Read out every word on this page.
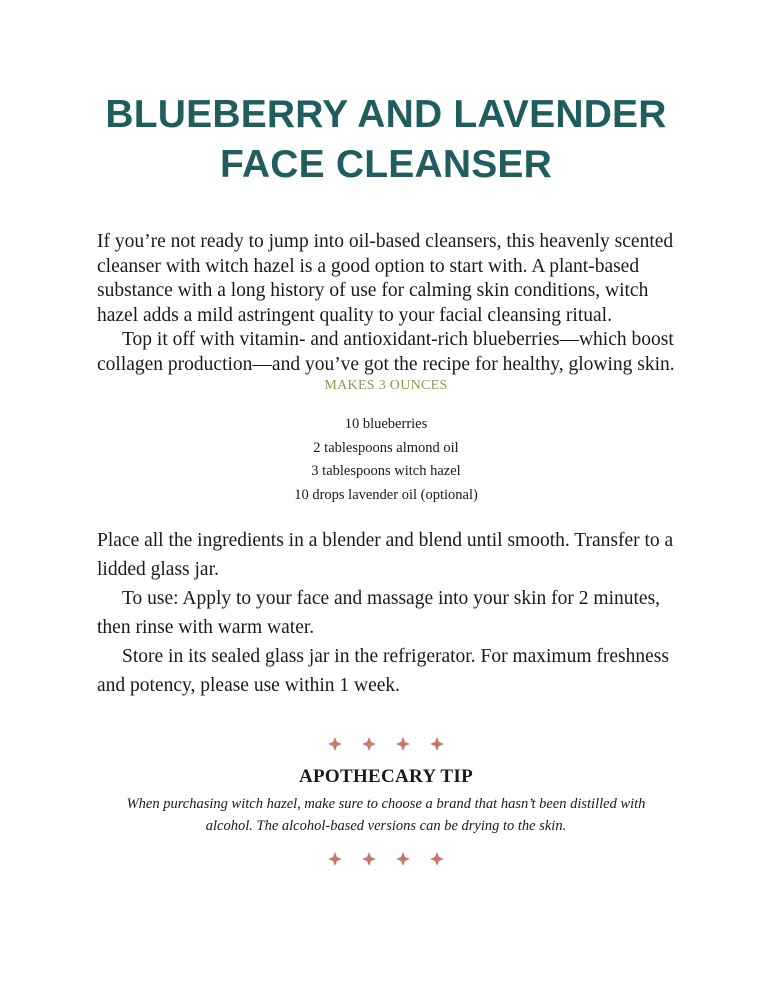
BLUEBERRY AND LAVENDER
FACE CLEANSER

If you’re not ready to jump into oil-based cleansers, this heavenly scented cleanser with witch hazel is a good option to start with. A plant-based substance with a long history of use for calming skin conditions, witch hazel adds a mild astringent quality to your facial cleansing ritual.

Top it off with vitamin- and antioxidant-rich blueberries—which boost collagen production—and you’ve got the recipe for healthy, glowing skin.

MAKES 3 OUNCES
10 blueberries
2 tablespoons almond oil
3 tablespoons witch hazel
10 drops lavender oil (optional)

Place all the ingredients in a blender and blend until smooth. Transfer to a lidded glass jar.

To use: Apply to your face and massage into your skin for 2 minutes, then rinse with warm water.

Store in its sealed glass jar in the refrigerator. For maximum freshness and potency, please use within 1 week.

APOTHECARY TIP
When purchasing witch hazel, make sure to choose a brand that hasn’t been distilled with alcohol. The alcohol-based versions can be drying to the skin.
